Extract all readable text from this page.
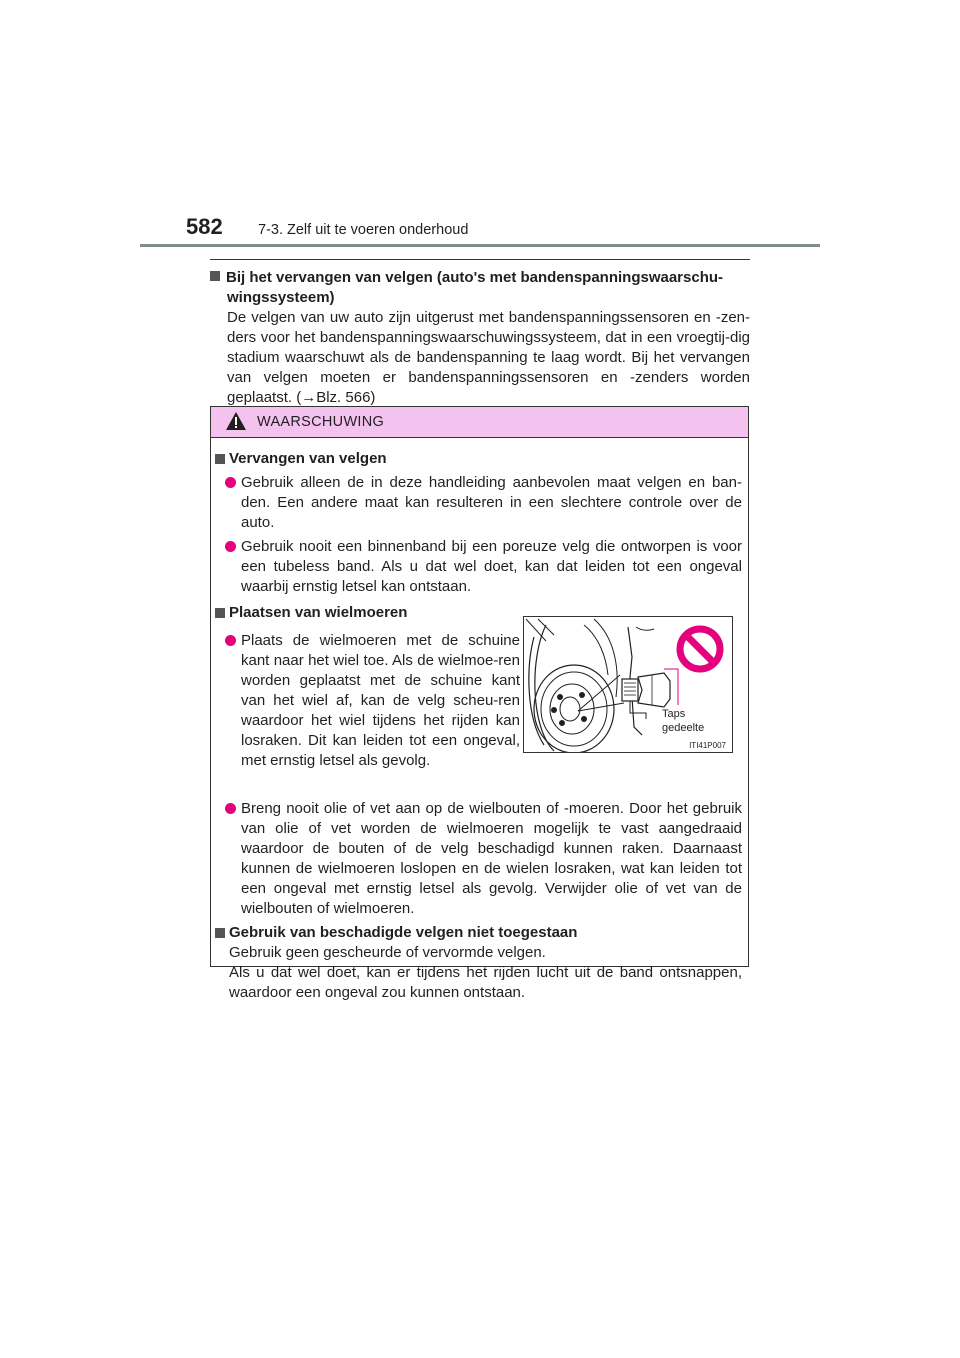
582 7-3. Zelf uit te voeren onderhoud
Bij het vervangen van velgen (auto's met bandenspanningswaarschu-
wingssysteem)
De velgen van uw auto zijn uitgerust met bandenspanningssensoren en -zen-ders voor het bandenspanningswaarschuwingssysteem, dat in een vroegtij-dig stadium waarschuwt als de bandenspanning te laag wordt. Bij het vervangen van velgen moeten er bandenspanningssensoren en -zenders worden geplaatst. (→Blz. 566)
WAARSCHUWING
Vervangen van velgen
Gebruik alleen de in deze handleiding aanbevolen maat velgen en ban-den. Een andere maat kan resulteren in een slechtere controle over de auto.
Gebruik nooit een binnenband bij een poreuze velg die ontworpen is voor een tubeless band. Als u dat wel doet, kan dat leiden tot een ongeval waarbij ernstig letsel kan ontstaan.
Plaatsen van wielmoeren
Plaats de wielmoeren met de schuine kant naar het wiel toe. Als de wielmoe-ren worden geplaatst met de schuine kant van het wiel af, kan de velg scheu-ren waardoor het wiel tijdens het rijden kan losraken. Dit kan leiden tot een ongeval, met ernstig letsel als gevolg.
Breng nooit olie of vet aan op de wielbouten of -moeren. Door het gebruik van olie of vet worden de wielmoeren mogelijk te vast aangedraaid waardoor de bouten of de velg beschadigd kunnen raken. Daarnaast kunnen de wielmoeren loslopen en de wielen losraken, wat kan leiden tot een ongeval met ernstig letsel als gevolg. Verwijder olie of vet van de wielbouten of wielmoeren.
Gebruik van beschadigde velgen niet toegestaan
Gebruik geen gescheurde of vervormde velgen.
Als u dat wel doet, kan er tijdens het rijden lucht uit de band ontsnappen, waardoor een ongeval zou kunnen ontstaan.
Taps
gedeelte
ITI41P007
